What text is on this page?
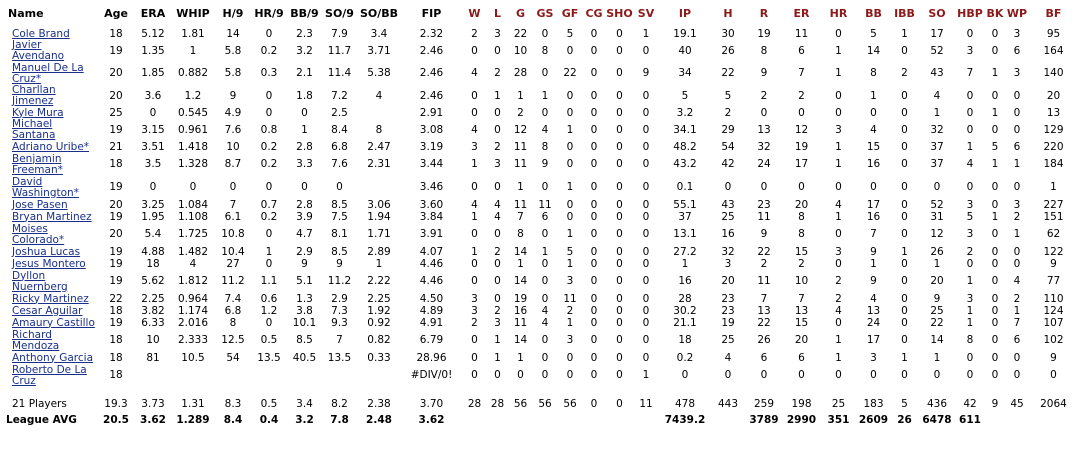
Name	Age	ERA	WHIP	H/9	HR/9	BB/9	SO/9	SO/BB	FIP	W	L	G	GS	GF	CG	SHO	SV	IP	H	R	ER	HR	BB	IBB	SO	HBP	BK	WP	BF

Cole Brand	18	5.12	1.81	14	0	2.3	7.9	3.4	2.32	2	3	22	0	5	0	0	1	19.1	30	19	11	0	5	1	17	0	0	3	95

Javier Avendano	19	1.35	1	5.8	0.2	3.2	11.7	3.71	2.46	0	0	10	8	0	0	0	0	40	26	8	6	1	14	0	52	3	0	6	164

Manuel De La Cruz*	20	1.85	0.882	5.8	0.3	2.1	11.4	5.38	2.46	4	2	28	0	22	0	0	9	34	22	9	7	1	8	2	43	7	1	3	140

Charllan Jimenez	20	3.6	1.2	9	0	1.8	7.2	4	2.46	0	1	1	1	0	0	0	0	5	5	2	2	0	1	0	4	0	0	0	20

Kyle Mura	25	0	0.545	4.9	0	0	2.5		2.91	0	0	2	0	0	0	0	0	3.2	2	0	0	0	0	0	1	0	1	0	13

Michael Santana	19	3.15	0.961	7.6	0.8	1	8.4	8	3.08	4	0	12	4	1	0	0	0	34.1	29	13	12	3	4	0	32	0	0	0	129

Adriano Uribe*	21	3.51	1.418	10	0.2	2.8	6.8	2.47	3.19	3	2	11	8	0	0	0	0	48.2	54	32	19	1	15	0	37	1	5	6	220

Benjamin Freeman*	18	3.5	1.328	8.7	0.2	3.3	7.6	2.31	3.44	1	3	11	9	0	0	0	0	43.2	42	24	17	1	16	0	37	4	1	1	184

David Washington*	19	0	0	0	0	0	0		3.46	0	0	1	0	1	0	0	0	0.1	0	0	0	0	0	0	0	0	0	0	1

Jose Pasen	20	3.25	1.084	7	0.7	2.8	8.5	3.06	3.60	4	4	11	11	0	0	0	0	55.1	43	23	20	4	17	0	52	3	0	3	227

Bryan Martinez	19	1.95	1.108	6.1	0.2	3.9	7.5	1.94	3.84	1	4	7	6	0	0	0	0	37	25	11	8	1	16	0	31	5	1	2	151

Moises Colorado*	20	5.4	1.725	10.8	0	4.7	8.1	1.71	3.91	0	0	8	0	1	0	0	0	13.1	16	9	8	0	7	0	12	3	0	1	62

Joshua Lucas	19	4.88	1.482	10.4	1	2.9	8.5	2.89	4.07	1	2	14	1	5	0	0	0	27.2	32	22	15	3	9	1	26	2	0	0	122

Jesus Montero	19	18	4	27	0	9	9	1	4.46	0	0	1	0	1	0	0	0	1	3	2	2	0	1	0	1	0	0	0	9

Dyllon Nuernberg	19	5.62	1.812	11.2	1.1	5.1	11.2	2.22	4.46	0	0	14	0	3	0	0	0	16	20	11	10	2	9	0	20	1	0	4	77

Ricky Martinez	22	2.25	0.964	7.4	0.6	1.3	2.9	2.25	4.50	3	0	19	0	11	0	0	0	28	23	7	7	2	4	0	9	3	0	2	110

Cesar Aguilar	18	3.82	1.174	6.8	1.2	3.8	7.3	1.92	4.89	3	2	16	4	2	0	0	0	30.2	23	13	13	4	13	0	25	1	0	1	124

Amaury Castillo	19	6.33	2.016	8	0	10.1	9.3	0.92	4.91	2	3	11	4	1	0	0	0	21.1	19	22	15	0	24	0	22	1	0	7	107

Richard Mendoza	18	10	2.333	12.5	0.5	8.5	7	0.82	6.79	0	1	14	0	3	0	0	0	18	25	26	20	1	17	0	14	8	0	6	102

Anthony Garcia	18	81	10.5	54	13.5	40.5	13.5	0.33	28.96	0	1	1	0	0	0	0	0	0.2	4	6	6	1	3	1	1	0	0	0	9

Roberto De La Cruz	18								#DIV/0!	0	0	0	0	0	0	0	1	0	0	0	0	0	0	0	0	0	0	0	0

21 Players	19.3	3.73	1.31	8.3	0.5	3.4	8.2	2.38	3.70	28	28	56	56	56	0	0	11	478	443	259	198	25	183	5	436	42	9	45	2064
League AVG	20.5	3.62	1.289	8.4	0.4	3.2	7.8	2.48	3.62									7439.2		3789	2990	351	2609	26	6478	611			
